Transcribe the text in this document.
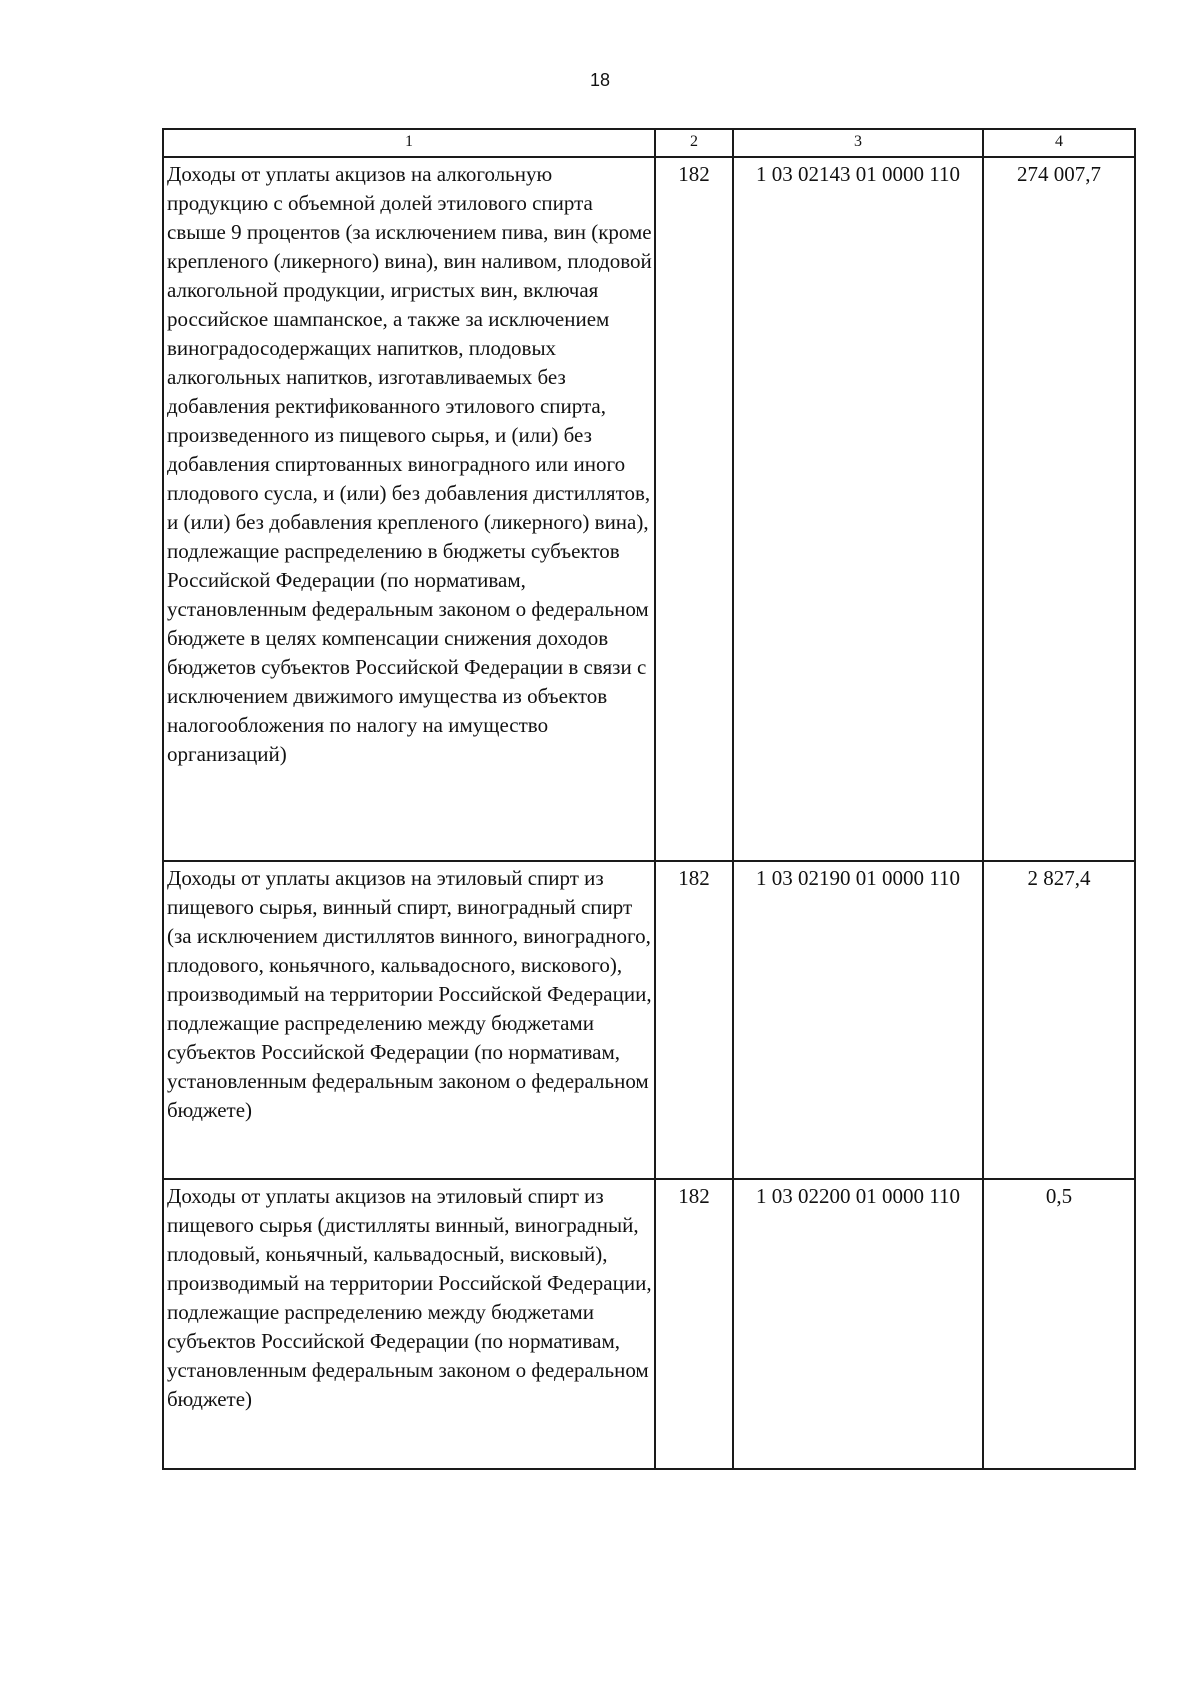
18
1	2	3	4
Доходы от уплаты акцизов на алкогольную продукцию с объемной долей этилового спирта свыше 9 процентов (за исключением пива, вин (кроме крепленого (ликерного) вина), вин наливом, плодовой алкогольной продукции, игристых вин, включая российское шампанское, а также за исключением виноградосодержащих напитков, плодовых алкогольных напитков, изготавливаемых без добавления ректификованного этилового спирта, произведенного из пищевого сырья, и (или) без добавления спиртованных виноградного или иного плодового сусла, и (или) без добавления дистиллятов, и (или) без добавления крепленого (ликерного) вина), подлежащие распределению в бюджеты субъектов Российской Федерации (по нормативам, установленным федеральным законом о федеральном бюджете в целях компенсации снижения доходов бюджетов субъектов Российской Федерации в связи с исключением движимого имущества из объектов налогообложения по налогу на имущество организаций)	182	1 03 02143 01 0000 110	274 007,7
Доходы от уплаты акцизов на этиловый спирт из пищевого сырья, винный спирт, виноградный спирт (за исключением дистиллятов винного, виноградного, плодового, коньячного, кальвадосного, вискового), производимый на территории Российской Федерации, подлежащие распределению между бюджетами субъектов Российской Федерации (по нормативам, установленным федеральным законом о федеральном бюджете)	182	1 03 02190 01 0000 110	2 827,4
Доходы от уплаты акцизов на этиловый спирт из пищевого сырья (дистилляты винный, виноградный, плодовый, коньячный, кальвадосный, висковый), производимый на территории Российской Федерации, подлежащие распределению между бюджетами субъектов Российской Федерации (по нормативам, установленным федеральным законом о федеральном бюджете)	182	1 03 02200 01 0000 110	0,5
